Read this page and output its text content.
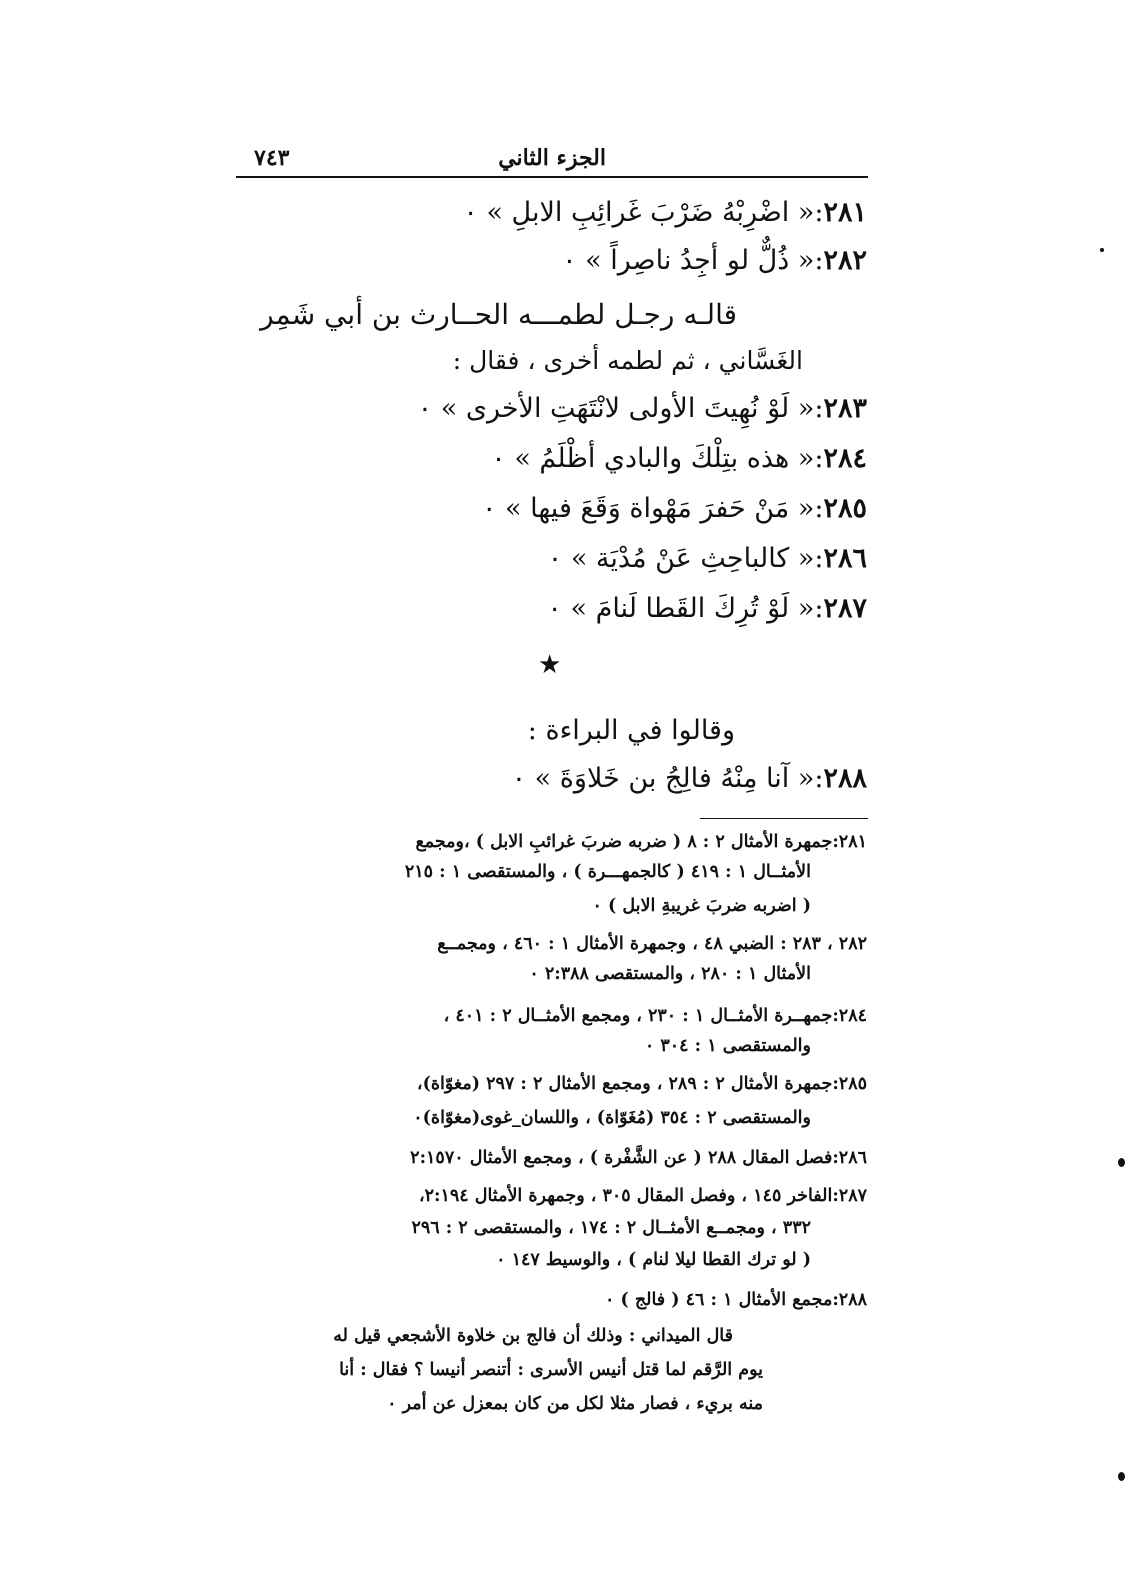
الجزء الثاني
٧٤٣
٢٨١:« اضْرِبْهُ ضَرْبَ غَرائِبِ الابلِ » ٠
٢٨٢:« ذُلٌّ لو أجِدُ ناصِراً » ٠
قالـه رجـل لطمـــه الحــارث بن أبي شَمِر
الغَسَّاني ، ثم لطمه أخرى ، فقال :
٢٨٣:« لَوْ نُهِيتَ الأولى لانْتَهَتِ الأخرى » ٠
٢٨٤:« هذه بتِلْكَ والبادي أظْلَمُ » ٠
٢٨٥:« مَنْ حَفرَ مَهْواة وَقَعَ فيها » ٠
٢٨٦:« كالباحِثِ عَنْ مُدْيَة » ٠
٢٨٧:« لَوْ تُرِكَ القَطا لَنامَ » ٠
★
وقالوا في البراءة :
٢٨٨:« آنا مِنْهُ فالِجُ بن خَلاوَةَ » ٠
٢٨١:جمهرة الأمثال ٢ : ٨ ( ضربه ضربَ غرائبِ الابل ) ،ومجمع
الأمثــال ١ : ٤١٩ ( كالجمهـــرة ) ، والمستقصى ١ : ٢١٥
( اضربه ضربَ غريبةِ الابل ) ٠
٢٨٢ ، ٢٨٣ : الضبي ٤٨ ، وجمهرة الأمثال ١ : ٤٦٠ ، ومجمــع
الأمثال ١ : ٢٨٠ ، والمستقصى ٢:٣٨٨ ٠
٢٨٤:جمهــرة الأمثــال ١ : ٢٣٠ ، ومجمع الأمثــال ٢ : ٤٠١ ،
والمستقصى ١ : ٣٠٤ ٠
٢٨٥:جمهرة الأمثال ٢ : ٢٨٩ ، ومجمع الأمثال ٢ : ٢٩٧ (مغوّاة)،
والمستقصى ٢ : ٣٥٤ (مُغَوّاة) ، واللسان_غوى(مغوّاة)٠
٢٨٦:فصل المقال ٢٨٨ ( عن الشَّفْرة ) ، ومجمع الأمثال ٢:١٥٧٠
٢٨٧:الفاخر ١٤٥ ، وفصل المقال ٣٠٥ ، وجمهرة الأمثال ٢:١٩٤،
٣٣٢ ، ومجمــع الأمثــال ٢ : ١٧٤ ، والمستقصى ٢ : ٢٩٦
( لو ترك القطا ليلا لنام ) ، والوسيط ١٤٧ ٠
٢٨٨:مجمع الأمثال ١ : ٤٦ ( فالج ) ٠
قال الميداني : وذلك أن فالج بن خلاوة الأشجعي قيل له
يوم الرَّقم لما قتل أنيس الأسرى : أتنصر أنيسا ؟ فقال : أنا
منه بريء ، فصار مثلا لكل من كان بمعزل عن أمر ٠
